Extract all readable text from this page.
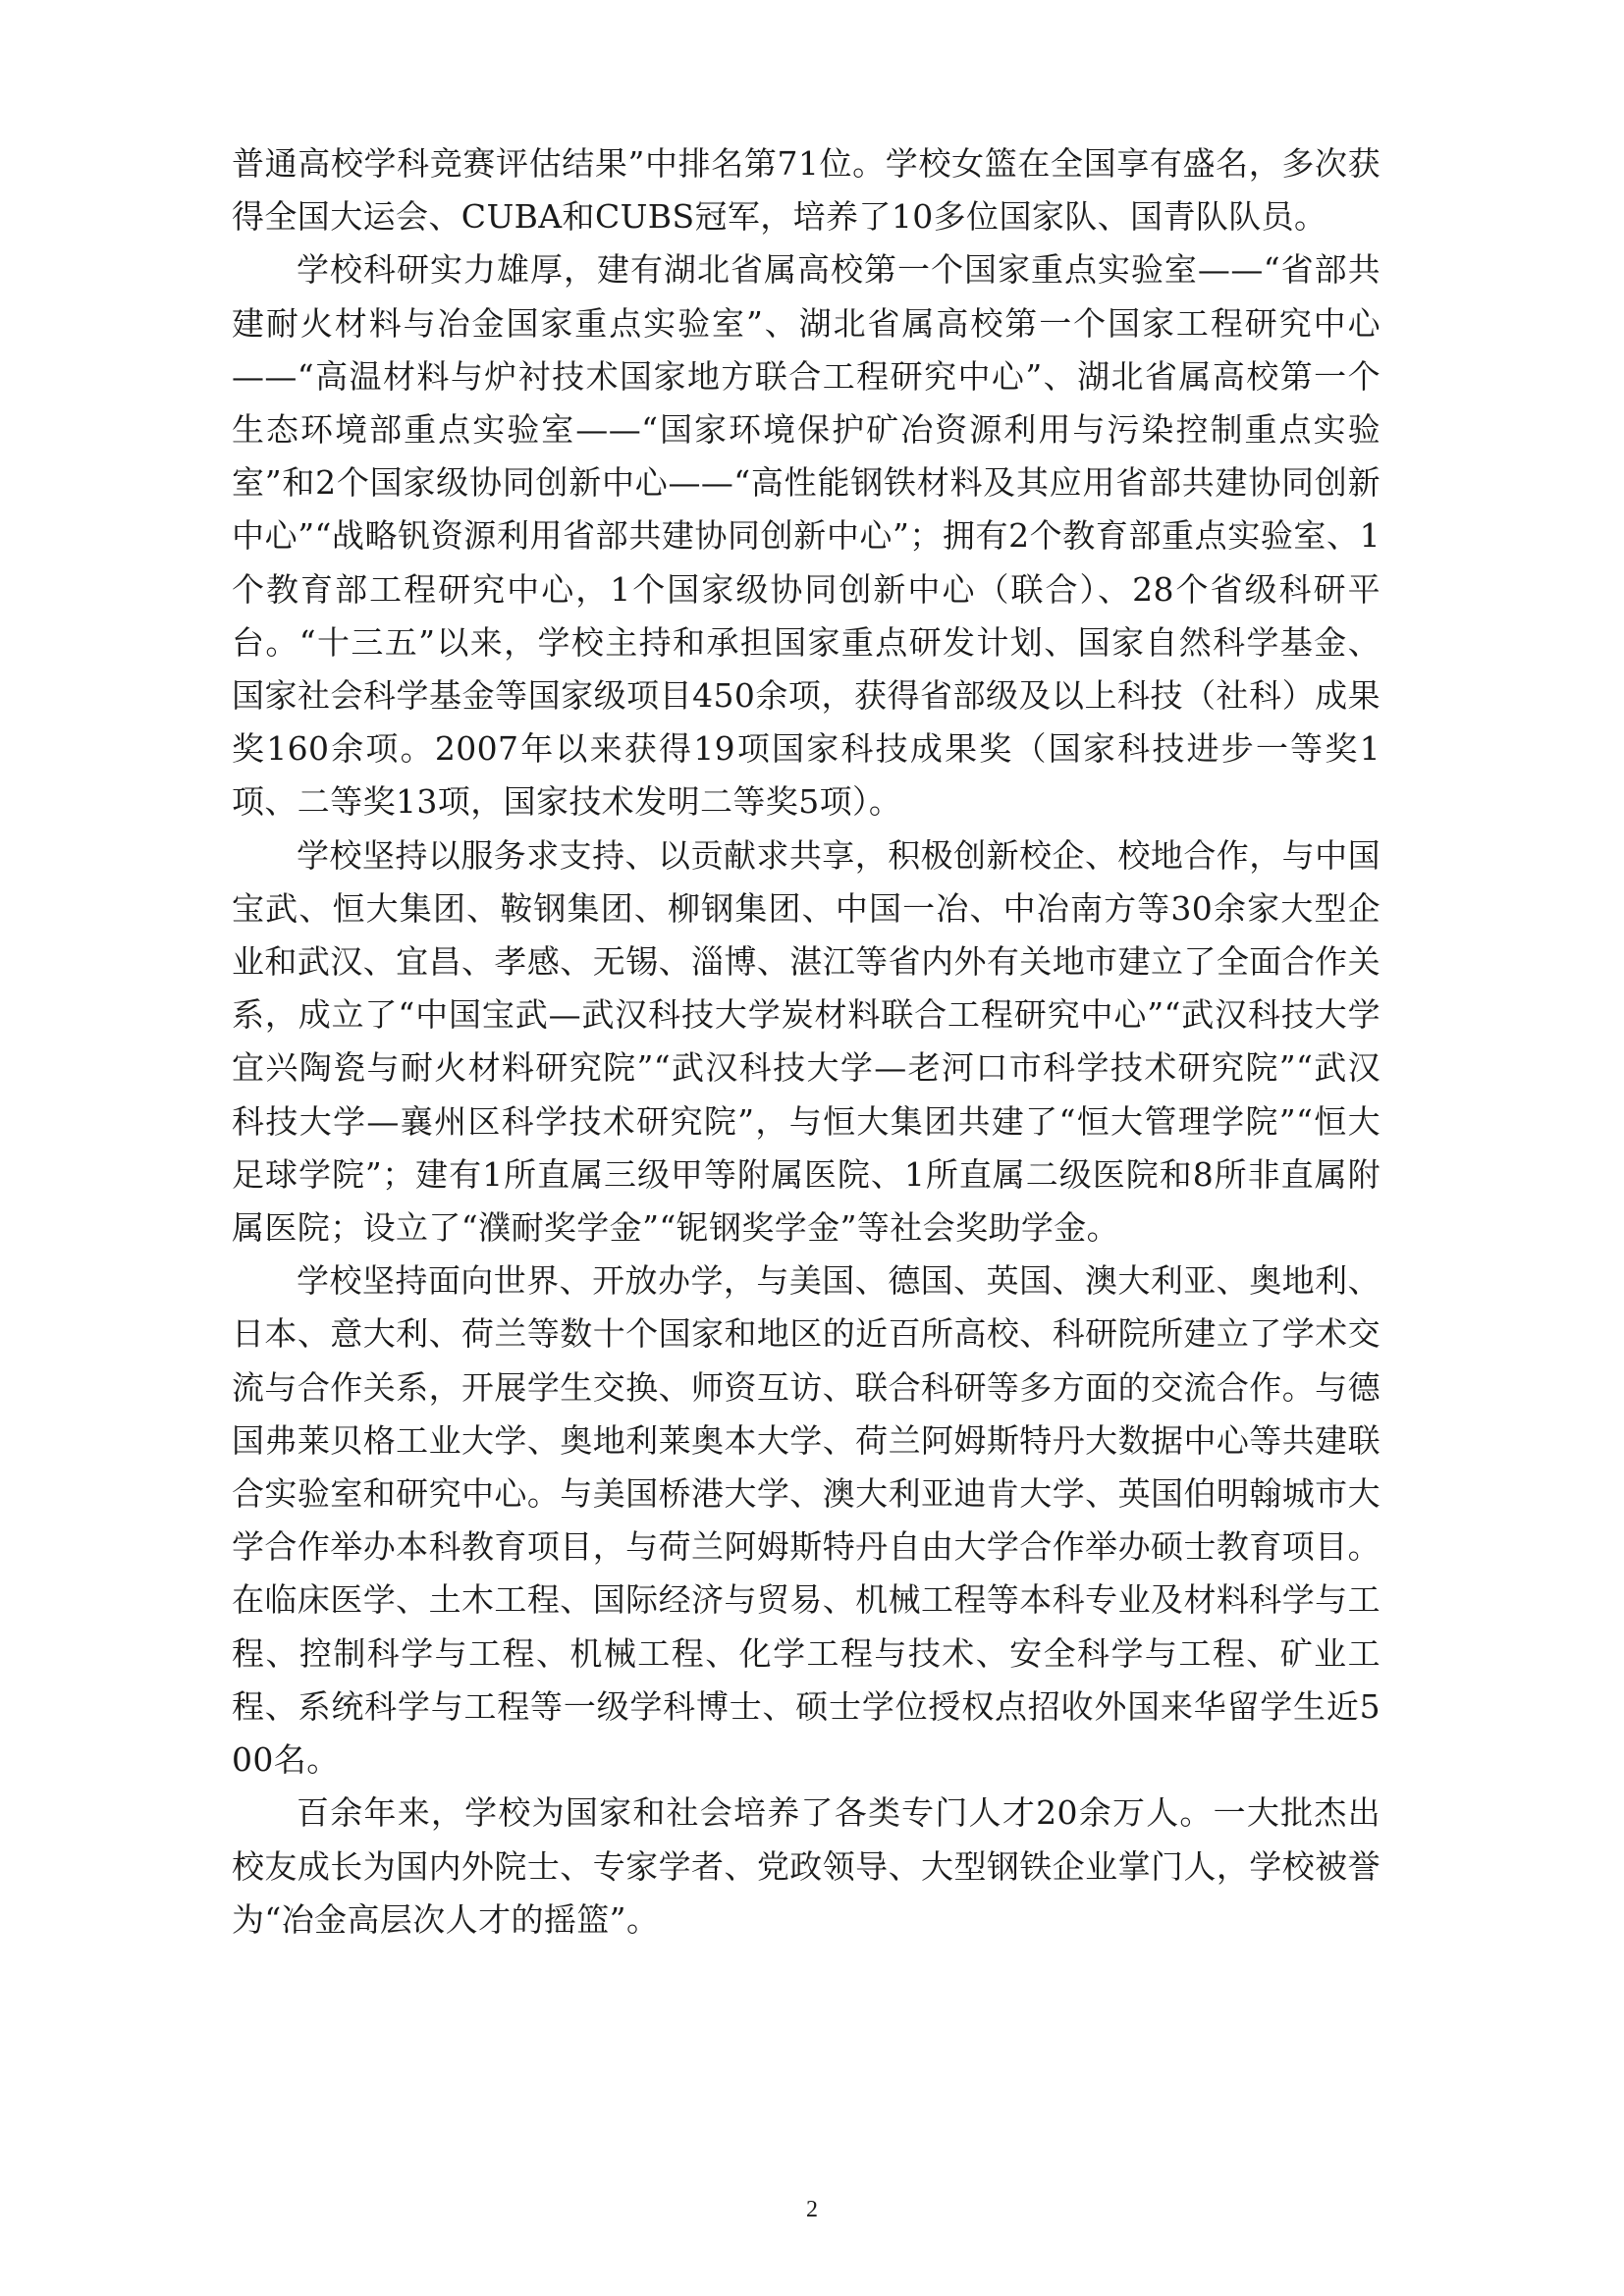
普通高校学科竞赛评估结果”中排名第71位。学校女篮在全国享有盛名，多次获得全国大运会、CUBA和CUBS冠军，培养了10多位国家队、国青队队员。

学校科研实力雄厚，建有湖北省属高校第一个国家重点实验室——“省部共建耐火材料与冶金国家重点实验室”、湖北省属高校第一个国家工程研究中心——“高温材料与炉衬技术国家地方联合工程研究中心”、湖北省属高校第一个生态环境部重点实验室——“国家环境保护矿冶资源利用与污染控制重点实验室”和2个国家级协同创新中心——“高性能钢铁材料及其应用省部共建协同创新中心”“战略钒资源利用省部共建协同创新中心”；拥有2个教育部重点实验室、1个教育部工程研究中心，1个国家级协同创新中心（联合）、28个省级科研平台。“十三五”以来，学校主持和承担国家重点研发计划、国家自然科学基金、国家社会科学基金等国家级项目450余项，获得省部级及以上科技（社科）成果奖160余项。2007年以来获得19项国家科技成果奖（国家科技进步一等奖1项、二等奖13项，国家技术发明二等奖5项）。

学校坚持以服务求支持、以贡献求共享，积极创新校企、校地合作，与中国宝武、恒大集团、鞍钢集团、柳钢集团、中国一冶、中冶南方等30余家大型企业和武汉、宜昌、孝感、无锡、淄博、湛江等省内外有关地市建立了全面合作关系，成立了“中国宝武—武汉科技大学炭材料联合工程研究中心”“武汉科技大学宜兴陶瓷与耐火材料研究院”“武汉科技大学—老河口市科学技术研究院”“武汉科技大学—襄州区科学技术研究院”，与恒大集团共建了“恒大管理学院”“恒大足球学院”；建有1所直属三级甲等附属医院、1所直属二级医院和8所非直属附属医院；设立了“濮耐奖学金”“铌钢奖学金”等社会奖助学金。

学校坚持面向世界、开放办学，与美国、德国、英国、澳大利亚、奥地利、日本、意大利、荷兰等数十个国家和地区的近百所高校、科研院所建立了学术交流与合作关系，开展学生交换、师资互访、联合科研等多方面的交流合作。与德国弗莱贝格工业大学、奥地利莱奥本大学、荷兰阿姆斯特丹大数据中心等共建联合实验室和研究中心。与美国桥港大学、澳大利亚迪肯大学、英国伯明翰城市大学合作举办本科教育项目，与荷兰阿姆斯特丹自由大学合作举办硕士教育项目。在临床医学、土木工程、国际经济与贸易、机械工程等本科专业及材料科学与工程、控制科学与工程、机械工程、化学工程与技术、安全科学与工程、矿业工程、系统科学与工程等一级学科博士、硕士学位授权点招收外国来华留学生近500名。

百余年来，学校为国家和社会培养了各类专门人才20余万人。一大批杰出校友成长为国内外院士、专家学者、党政领导、大型钢铁企业掌门人，学校被誉为“冶金高层次人才的摇篮”。

2
